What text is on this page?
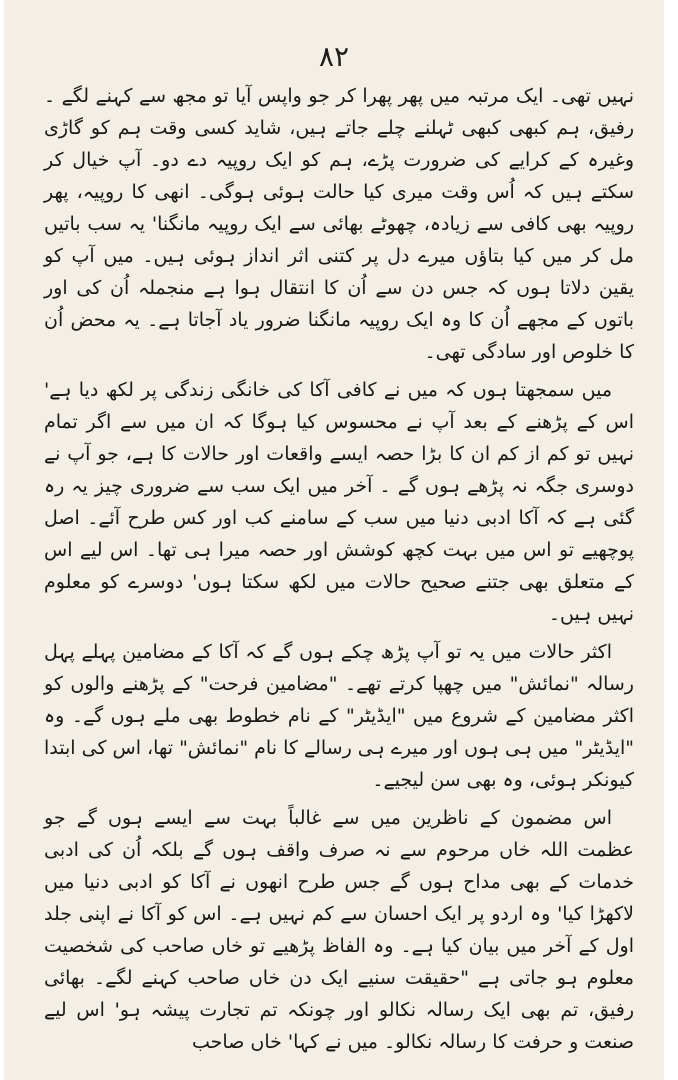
۸۲

نہیں تھی۔ ایک مرتبہ میں پھر پھرا کر جو واپس آیا تو مجھ سے کہنے لگے ۔ رفیق، ہم کبھی کبھی ٹہلنے چلے جاتے ہیں، شاید کسی وقت ہم کو گاڑی وغیرہ کے کرایے کی ضرورت پڑے، ہم کو ایک روپیہ دے دو۔ آپ خیال کر سکتے ہیں کہ اُس وقت میری کیا حالت ہوئی ہوگی۔ انھی کا روپیہ، پھر روپیہ بھی کافی سے زیادہ، چھوٹے بھائی سے ایک روپیہ مانگنا' یہ سب باتیں مل کر میں کیا بتاؤں میرے دل پر کتنی اثر انداز ہوئی ہیں۔ میں آپ کو یقین دلاتا ہوں کہ جس دن سے اُن کا انتقال ہوا ہے منجملہ اُن کی اور باتوں کے مجھے اُن کا وہ ایک روپیہ مانگنا ضرور یاد آجاتا ہے۔ یہ محض اُن کا خلوص اور سادگی تھی۔

میں سمجھتا ہوں کہ میں نے کافی آکا کی خانگی زندگی پر لکھ دیا ہے' اس کے پڑھنے کے بعد آپ نے محسوس کیا ہوگا کہ ان میں سے اگر تمام نہیں تو کم از کم ان کا بڑا حصہ ایسے واقعات اور حالات کا ہے، جو آپ نے دوسری جگہ نہ پڑھے ہوں گے ۔ آخر میں ایک سب سے ضروری چیز یہ رہ گئی ہے کہ آکا ادبی دنیا میں سب کے سامنے کب اور کس طرح آئے۔ اصل پوچھیے تو اس میں بہت کچھ کوشش اور حصہ میرا ہی تھا۔ اس لیے اس کے متعلق بھی جتنے صحیح حالات میں لکھ سکتا ہوں' دوسرے کو معلوم نہیں ہیں۔

اکثر حالات میں یہ تو آپ پڑھ چکے ہوں گے کہ آکا کے مضامین پہلے پہل رسالہ "نمائش" میں چھپا کرتے تھے۔ "مضامین فرحت" کے پڑھنے والوں کو اکثر مضامین کے شروع میں "ایڈیٹر" کے نام خطوط بھی ملے ہوں گے۔ وہ "ایڈیٹر" میں ہی ہوں اور میرے ہی رسالے کا نام "نمائش" تھا، اس کی ابتدا کیونکر ہوئی، وہ بھی سن لیجیے۔

اس مضمون کے ناظرین میں سے غالباً بہت سے ایسے ہوں گے جو عظمت اللہ خاں مرحوم سے نہ صرف واقف ہوں گے بلکہ اُن کی ادبی خدمات کے بھی مداح ہوں گے جس طرح انھوں نے آکا کو ادبی دنیا میں لاکھڑا کیا' وہ اردو پر ایک احسان سے کم نہیں ہے۔ اس کو آکا نے اپنی جلد اول کے آخر میں بیان کیا ہے۔ وہ الفاظ پڑھیے تو خاں صاحب کی شخصیت معلوم ہو جاتی ہے "حقیقت سنیے ایک دن خاں صاحب کہنے لگے۔ بھائی رفیق، تم بھی ایک رسالہ نکالو اور چونکہ تم تجارت پیشہ ہو' اس لیے صنعت و حرفت کا رسالہ نکالو۔ میں نے کہا' خاں صاحب
